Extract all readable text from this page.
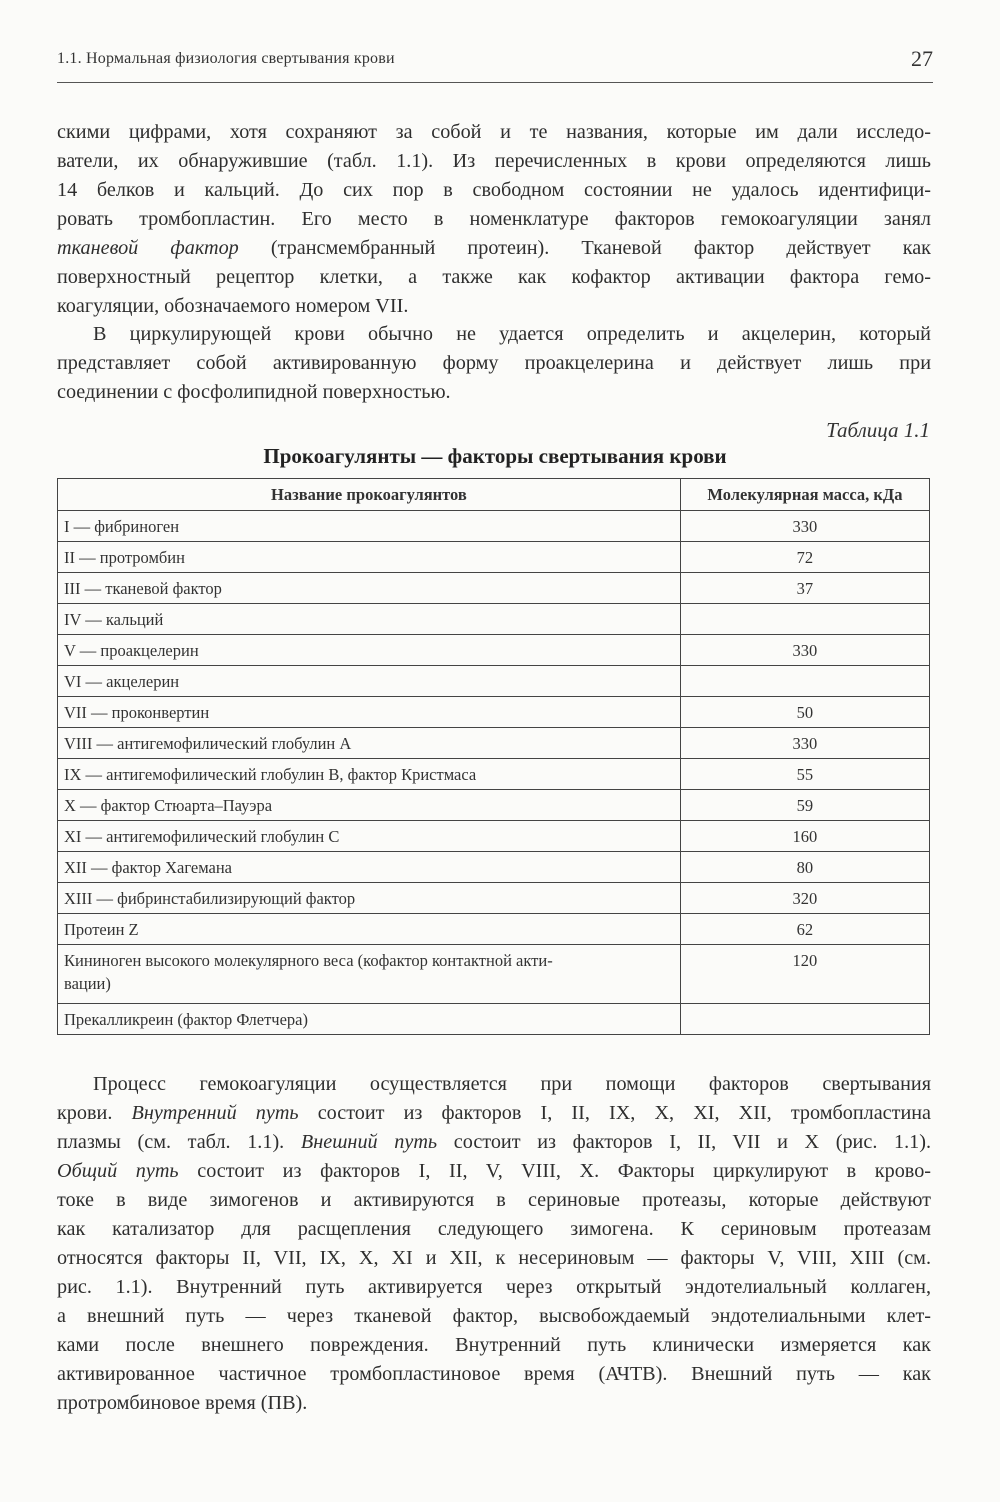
1.1. Нормальная физиология свертывания крови	27
скими цифрами, хотя сохраняют за собой и те названия, которые им дали исследо-
ватели, их обнаружившие (табл. 1.1). Из перечисленных в крови определяются лишь
14 белков и кальций. До сих пор в свободном состоянии не удалось идентифици-
ровать тромбопластин. Его место в номенклатуре факторов гемокоагуляции занял
тканевой фактор (трансмембранный протеин). Тканевой фактор действует как
поверхностный рецептор клетки, а также как кофактор активации фактора гемо-
коагуляции, обозначаемого номером VII.
В циркулирующей крови обычно не удается определить и акцелерин, который
представляет собой активированную форму проакцелерина и действует лишь при
соединении с фосфолипидной поверхностью.
Таблица 1.1
Прокоагулянты — факторы свертывания крови
Название прокоагулянтов	Молекулярная масса, кДа
I — фибриноген	330
II — протромбин	72
III — тканевой фактор	37
IV — кальций	
V — проакцелерин	330
VI — акцелерин	
VII — проконвертин	50
VIII — антигемофилический глобулин А	330
IX — антигемофилический глобулин В, фактор Кристмаса	55
X — фактор Стюарта–Пауэра	59
XI — антигемофилический глобулин С	160
XII — фактор Хагемана	80
XIII — фибринстабилизирующий фактор	320
Протеин Z	62
Кининоген высокого молекулярного веса (кофактор контактной акти-
вации)	120
Прекалликреин (фактор Флетчера)	
Процесс гемокоагуляции осуществляется при помощи факторов свертывания
крови. Внутренний путь состоит из факторов I, II, IX, X, XI, XII, тромбопластина
плазмы (см. табл. 1.1). Внешний путь состоит из факторов I, II, VII и X (рис. 1.1).
Общий путь состоит из факторов I, II, V, VIII, X. Факторы циркулируют в крово-
токе в виде зимогенов и активируются в сериновые протеазы, которые действуют
как катализатор для расщепления следующего зимогена. К сериновым протеазам
относятся факторы II, VII, IX, X, XI и XII, к несериновым — факторы V, VIII, XIII (см.
рис. 1.1). Внутренний путь активируется через открытый эндотелиальный коллаген,
а внешний путь — через тканевой фактор, высвобождаемый эндотелиальными клет-
ками после внешнего повреждения. Внутренний путь клинически измеряется как
активированное частичное тромбопластиновое время (АЧТВ). Внешний путь — как
протромбиновое время (ПВ).
